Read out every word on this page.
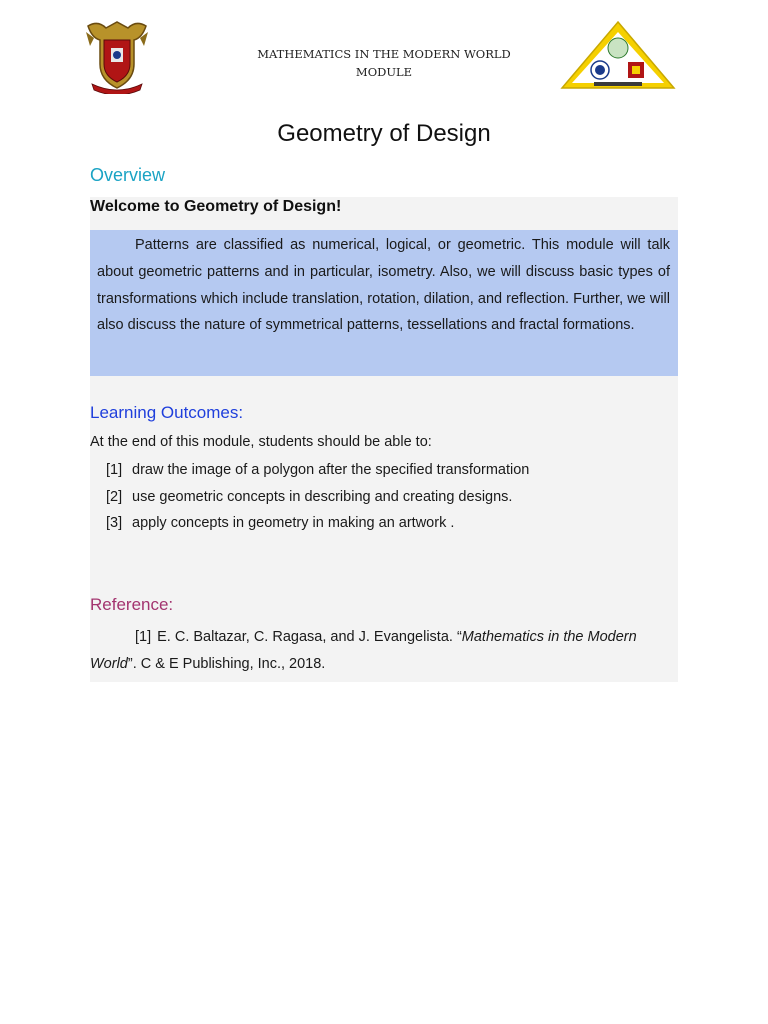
MATHEMATICS IN THE MODERN WORLD
MODULE
Geometry of Design
Overview
Welcome to Geometry of Design!
Patterns are classified as numerical, logical, or geometric. This module will talk about geometric patterns and in particular, isometry. Also, we will discuss basic types of transformations which include translation, rotation, dilation, and reflection. Further, we will also discuss the nature of symmetrical patterns, tessellations and fractal formations.
Learning Outcomes:
At the end of this module, students should be able to:
[1] draw the image of a polygon after the specified transformation
[2] use geometric concepts in describing and creating designs.
[3] apply concepts in geometry in making an artwork .
Reference:
[1] E. C. Baltazar, C. Ragasa, and J. Evangelista. “Mathematics in the Modern World”. C & E Publishing, Inc., 2018.
